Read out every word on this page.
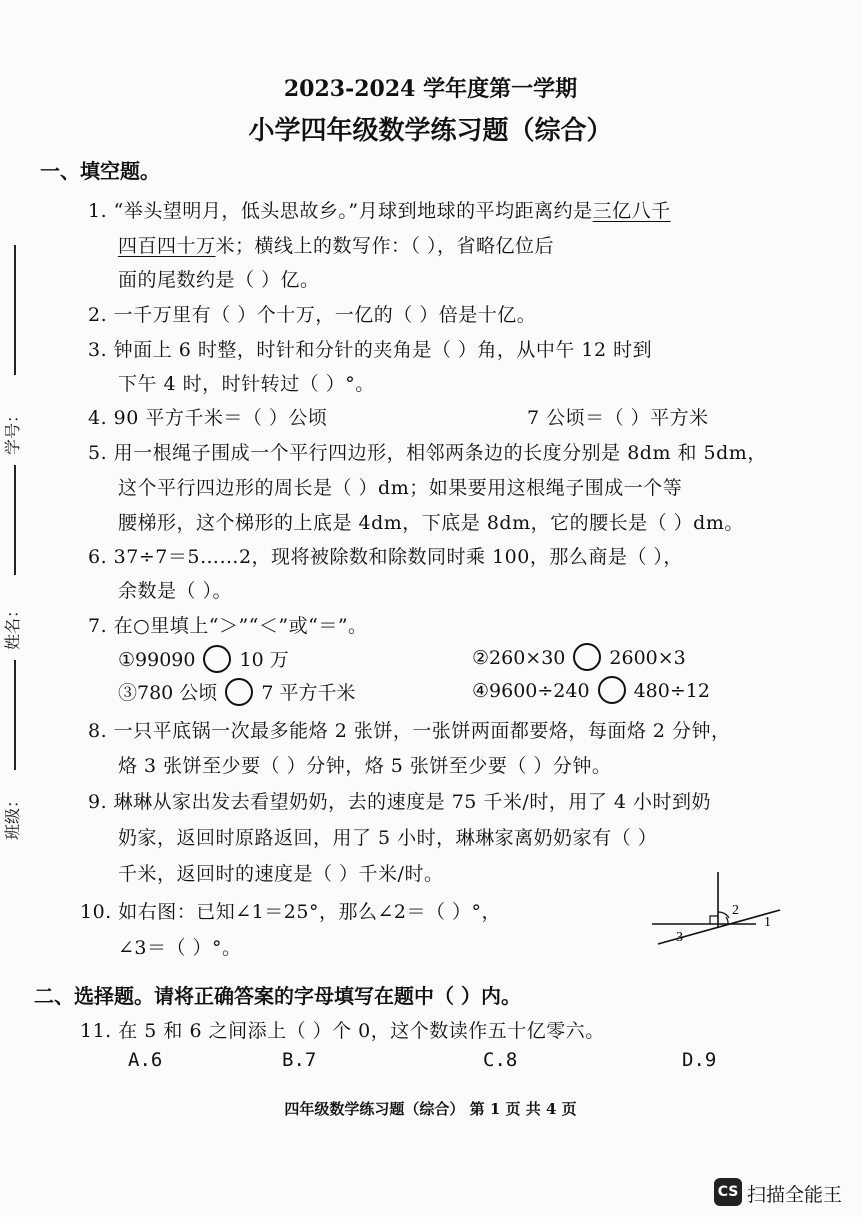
学号：
姓名：
班级：
2023-2024 学年度第一学期
小学四年级数学练习题（综合）
一、填空题。
1. “举头望明月，低头思故乡。”月球到地球的平均距离约是三亿八千
四百四十万米；横线上的数写作：（ ），省略亿位后
面的尾数约是（ ）亿。
2. 一千万里有（ ）个十万，一亿的（ ）倍是十亿。
3. 钟面上 6 时整，时针和分针的夹角是（ ）角，从中午 12 时到
下午 4 时，时针转过（ ）°。
4. 90 平方千米＝（ ）公顷	7 公顷＝（ ）平方米
5. 用一根绳子围成一个平行四边形，相邻两条边的长度分别是 8dm 和 5dm，
这个平行四边形的周长是（ ）dm；如果要用这根绳子围成一个等
腰梯形，这个梯形的上底是 4dm，下底是 8dm，它的腰长是（ ）dm。
6. 37÷7＝5……2，现将被除数和除数同时乘 100，那么商是（ ），
余数是（ ）。
7. 在○里填上“＞”“＜”或“＝”。
①99090 10 万	②260×30 2600×3
③780 公顷 7 平方千米	④9600÷240 480÷12
8. 一只平底锅一次最多能烙 2 张饼，一张饼两面都要烙，每面烙 2 分钟，
烙 3 张饼至少要（ ）分钟，烙 5 张饼至少要（ ）分钟。
9. 琳琳从家出发去看望奶奶，去的速度是 75 千米/时，用了 4 小时到奶
奶家，返回时原路返回，用了 5 小时，琳琳家离奶奶家有（ ）
千米，返回时的速度是（ ）千米/时。
10. 如右图：已知∠1＝25°，那么∠2＝（ ）°，
∠3＝（ ）°。
1
2
3
二、选择题。请将正确答案的字母填写在题中（ ）内。
11. 在 5 和 6 之间添上（ ）个 0，这个数读作五十亿零六。
A.6	B.7	C.8	D.9
四年级数学练习题（综合） 第 1 页 共 4 页
CS 扫描全能王
